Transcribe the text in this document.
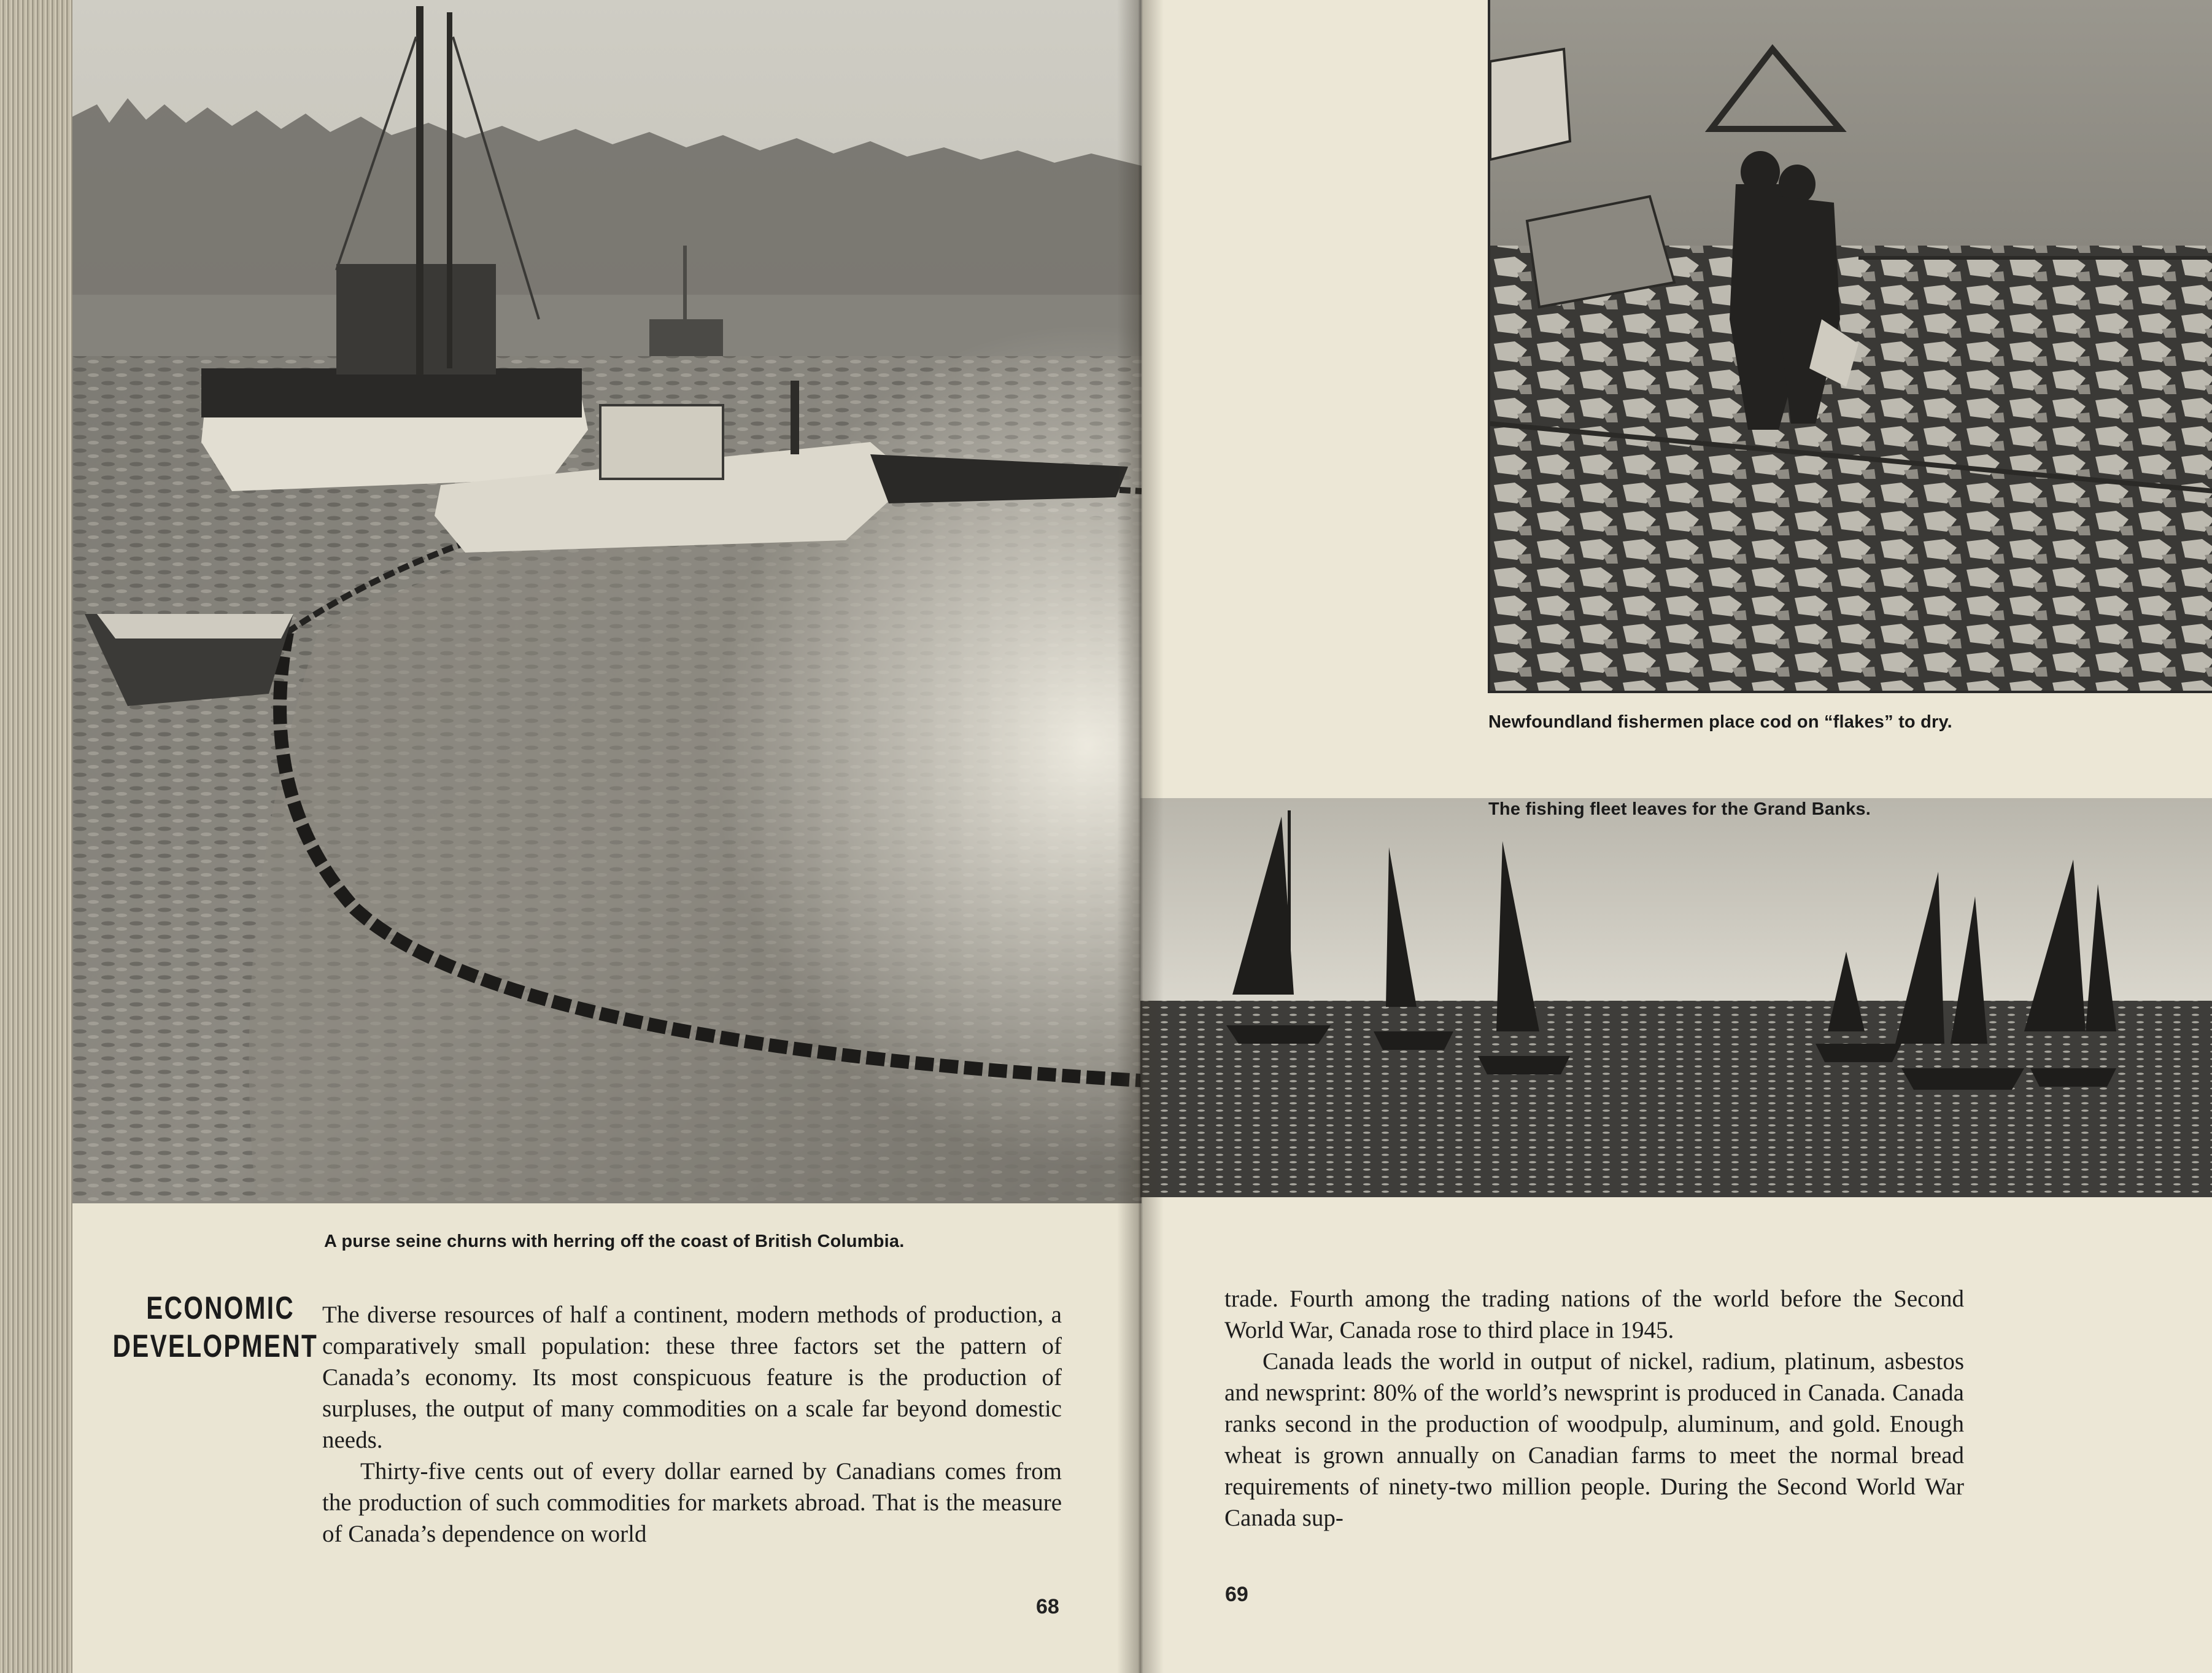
A purse seine churns with herring off the coast of British Columbia.
Newfoundland fishermen place cod on “flakes” to dry.
The fishing fleet leaves for the Grand Banks.
ECONOMIC
DEVELOPMENT

The diverse resources of half a continent, modern methods of production, a comparatively small population: these three factors set the pattern of Canada’s economy. Its most conspicuous feature is the production of surpluses, the output of many commodities on a scale far beyond domestic needs.

Thirty-five cents out of every dollar earned by Canadians comes from the production of such commodities for markets abroad. That is the measure of Canada’s dependence on world

trade. Fourth among the trading nations of the world before the Second World War, Canada rose to third place in 1945.

Canada leads the world in output of nickel, radium, platinum, asbestos and newsprint: 80% of the world’s newsprint is produced in Canada. Canada ranks second in the production of woodpulp, aluminum, and gold. Enough wheat is grown annually on Canadian farms to meet the normal bread requirements of ninety-two million people. During the Second World War Canada sup-

68
69
